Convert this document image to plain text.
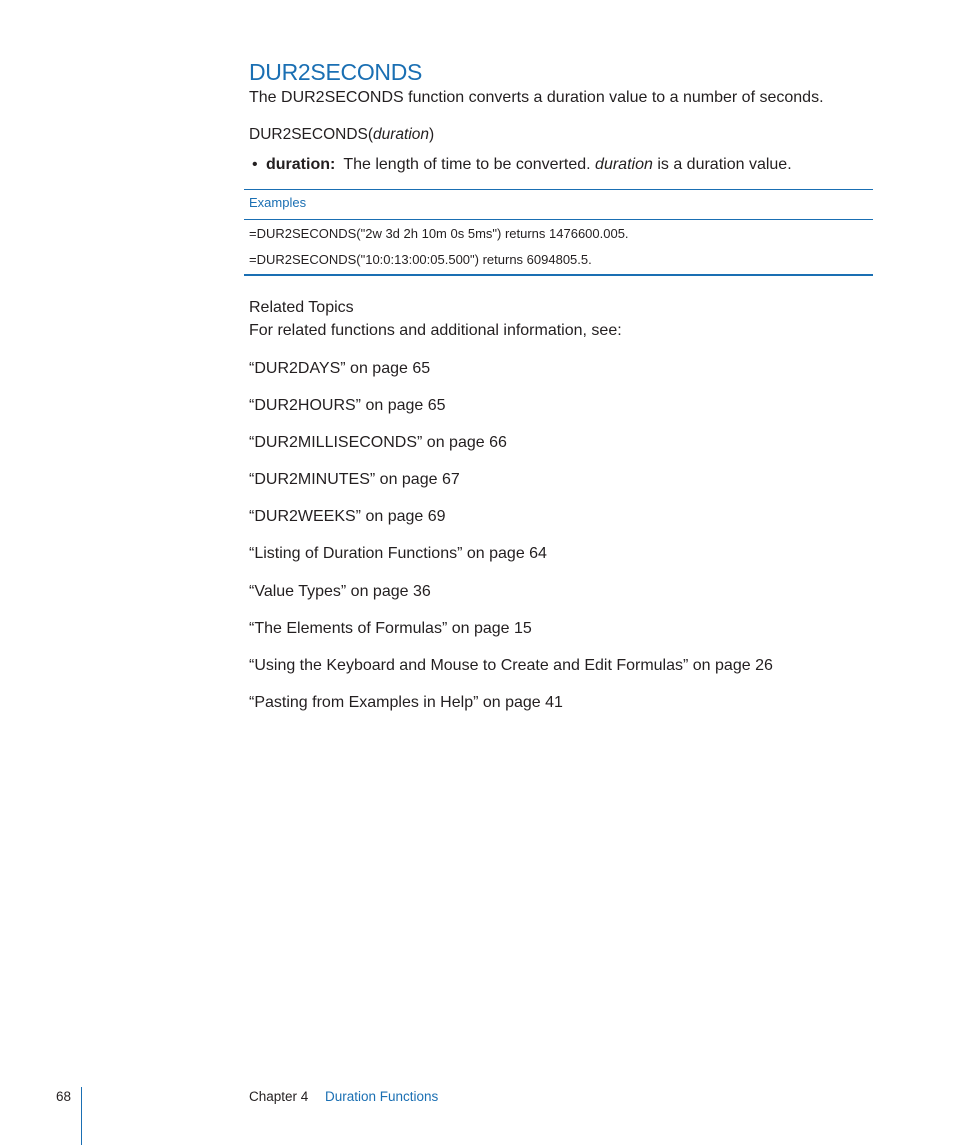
DUR2SECONDS

The DUR2SECONDS function converts a duration value to a number of seconds.

DUR2SECONDS(duration)

• duration: The length of time to be converted. duration is a duration value.

Examples

=DUR2SECONDS("2w 3d 2h 10m 0s 5ms") returns 1476600.005.

=DUR2SECONDS("10:0:13:00:05.500") returns 6094805.5.

Related Topics

For related functions and additional information, see:

“DUR2DAYS” on page 65
“DUR2HOURS” on page 65
“DUR2MILLISECONDS” on page 66
“DUR2MINUTES” on page 67
“DUR2WEEKS” on page 69
“Listing of Duration Functions” on page 64
“Value Types” on page 36
“The Elements of Formulas” on page 15
“Using the Keyboard and Mouse to Create and Edit Formulas” on page 26
“Pasting from Examples in Help” on page 41

68	Chapter 4 Duration Functions
